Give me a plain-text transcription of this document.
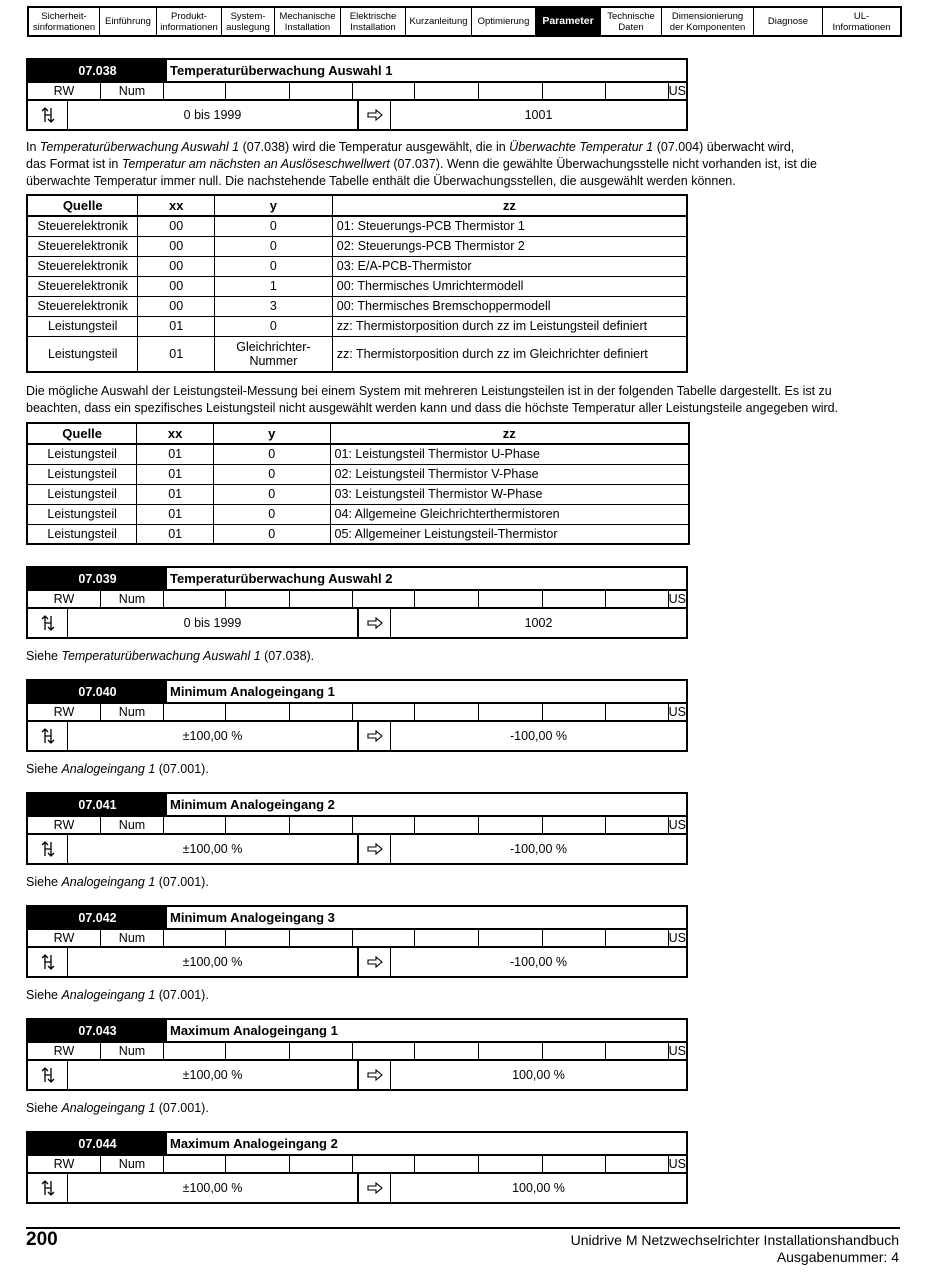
Sicherheit-
sinformationen	Einführung	Produkt-
informationen
System-
auslegung
Mechanische
Installation
Elektrische
Installation	Kurzanleitung	Optimierung	Parameter	Technische
Daten
Dimensionierung
der Komponenten	Diagnose	UL-
Informationen
07.038	Temperaturüberwachung Auswahl 1
RW	Num	US
0 bis 1999	1001
07.039	Temperaturüberwachung Auswahl 2
RW	Num	US
0 bis 1999	1002
07.040	Minimum Analogeingang 1
RW	Num	US
±100,00 %	-100,00 %
07.041	Minimum Analogeingang 2
RW	Num	US
±100,00 %	-100,00 %
07.042	Minimum Analogeingang 3
RW	Num	US
±100,00 %	-100,00 %
07.043	Maximum Analogeingang 1
RW	Num	US
±100,00 %	100,00 %
07.044	Maximum Analogeingang 2
RW	Num	US
±100,00 %	100,00 %
In Temperaturüberwachung Auswahl 1 (07.038) wird die Temperatur ausgewählt, die in Überwachte Temperatur 1 (07.004) überwacht wird,
das Format ist in Temperatur am nächsten an Auslöseschwellwert (07.037). Wenn die gewählte Überwachungsstelle nicht vorhanden ist, ist die
überwachte Temperatur immer null. Die nachstehende Tabelle enthält die Überwachungsstellen, die ausgewählt werden können.
Quelle	xx	y	zz
Steuerelektronik	00	0	01: Steuerungs-PCB Thermistor 1
Steuerelektronik	00	0	02: Steuerungs-PCB Thermistor 2
Steuerelektronik	00	0	03: E/A-PCB-Thermistor
Steuerelektronik	00	1	00: Thermisches Umrichtermodell
Steuerelektronik	00	3	00: Thermisches Bremschoppermodell
Leistungsteil	01	0	zz: Thermistorposition durch zz im Leistungsteil definiert
Leistungsteil	01	Gleichrichter-
Nummer	zz: Thermistorposition durch zz im Gleichrichter definiert
Die mögliche Auswahl der Leistungsteil-Messung bei einem System mit mehreren Leistungsteilen ist in der folgenden Tabelle dargestellt. Es ist zu
beachten, dass ein spezifisches Leistungsteil nicht ausgewählt werden kann und dass die höchste Temperatur aller Leistungsteile angegeben wird.
Quelle	xx	y	zz
Leistungsteil	01	0	01: Leistungsteil Thermistor U-Phase
Leistungsteil	01	0	02: Leistungsteil Thermistor V-Phase
Leistungsteil	01	0	03: Leistungsteil Thermistor W-Phase
Leistungsteil	01	0	04: Allgemeine Gleichrichterthermistoren
Leistungsteil	01	0	05: Allgemeiner Leistungsteil-Thermistor
Siehe Temperaturüberwachung Auswahl 1 (07.038).
Siehe Analogeingang 1 (07.001).
Siehe Analogeingang 1 (07.001).
Siehe Analogeingang 1 (07.001).
Siehe Analogeingang 1 (07.001).
200	Unidrive M Netzwechselrichter Installationshandbuch
Ausgabenummer: 4
